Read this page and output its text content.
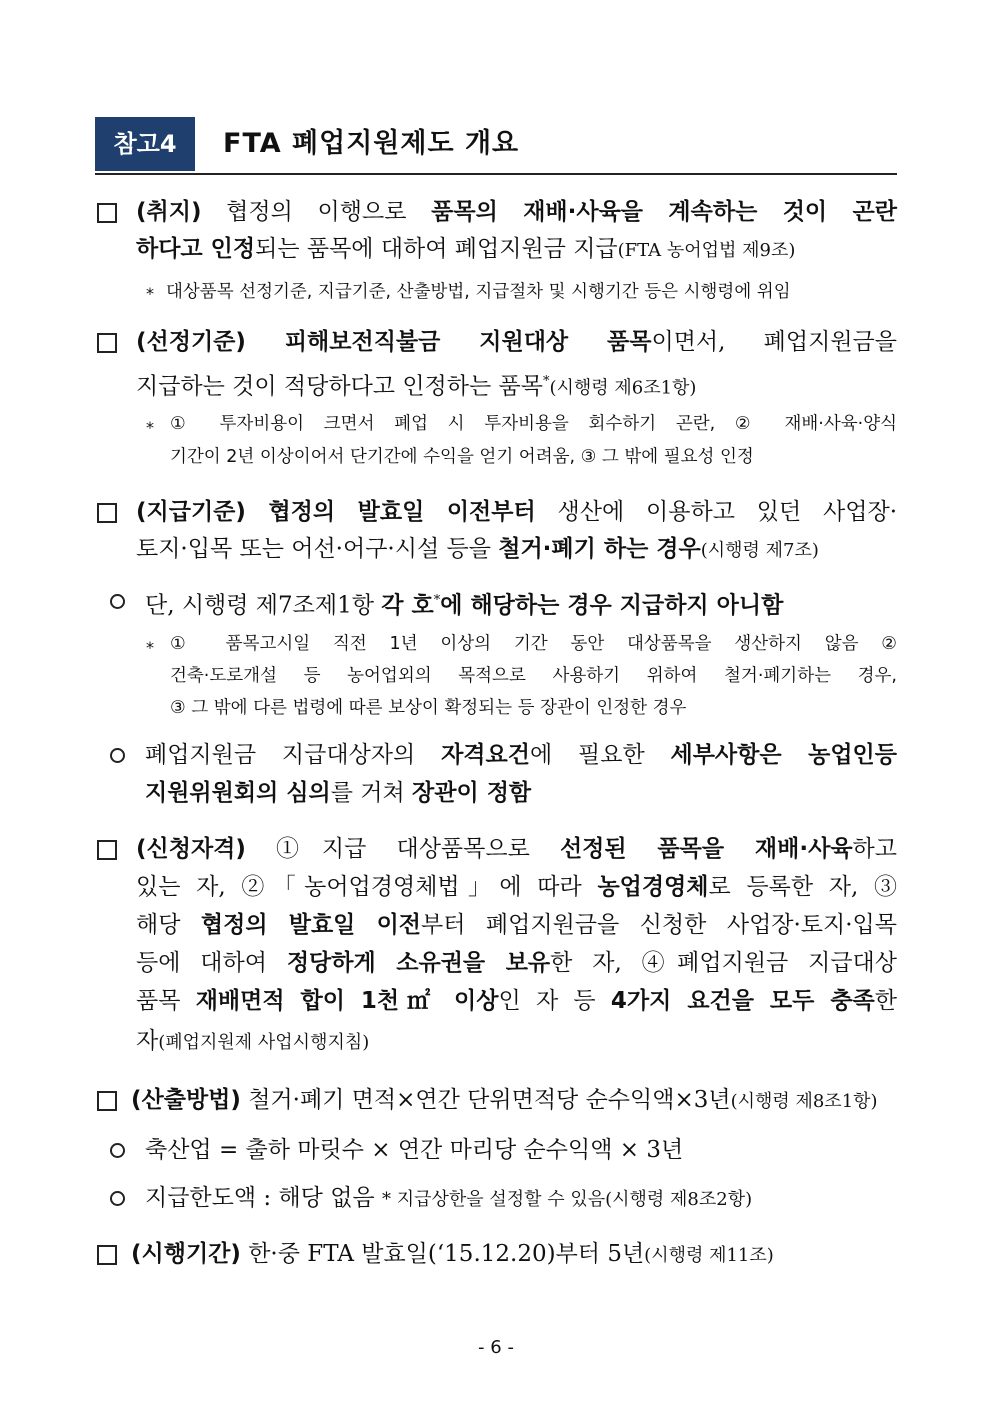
참고4	FTA 폐업지원제도 개요
(취지) 협정의 이행으로 품목의 재배·사육을 계속하는 것이 곤란
하다고 인정되는 품목에 대하여 폐업지원금 지급(FTA 농어업법 제9조)
* 대상품목 선정기준, 지급기준, 산출방법, 지급절차 및 시행기간 등은 시행령에 위임
(선정기준) 피해보전직불금 지원대상 품목이면서, 폐업지원금을
지급하는 것이 적당하다고 인정하는 품목*(시행령 제6조1항)
* ① 투자비용이 크면서 폐업 시 투자비용을 회수하기 곤란, ② 재배·사육·양식
기간이 2년 이상이어서 단기간에 수익을 얻기 어려움, ③ 그 밖에 필요성 인정
(지급기준) 협정의 발효일 이전부터 생산에 이용하고 있던 사업장·
토지·입목 또는 어선·어구·시설 등을 철거·폐기 하는 경우(시행령 제7조)
단, 시행령 제7조제1항 각 호*에 해당하는 경우 지급하지 아니함
* ① 품목고시일 직전 1년 이상의 기간 동안 대상품목을 생산하지 않음 ②
건축·도로개설 등 농어업외의 목적으로 사용하기 위하여 철거·폐기하는 경우,
③ 그 밖에 다른 법령에 따른 보상이 확정되는 등 장관이 인정한 경우
폐업지원금 지급대상자의 자격요건에 필요한 세부사항은 농업인등
지원위원회의 심의를 거쳐 장관이 정함
(신청자격) ①지급 대상품목으로 선정된 품목을 재배·사육하고
있는 자, ②「농어업경영체법」에 따라 농업경영체로 등록한 자, ③
해당 협정의 발효일 이전부터 폐업지원금을 신청한 사업장·토지·입목
등에 대하여 정당하게 소유권을 보유한 자, ④폐업지원금 지급대상
품목 재배면적 합이 1천㎡ 이상인 자 등 4가지 요건을 모두 충족한
자(폐업지원제 사업시행지침)
(산출방법) 철거·폐기 면적×연간 단위면적당 순수익액×3년(시행령 제8조1항)
축산업 = 출하 마릿수 × 연간 마리당 순수익액 × 3년
지급한도액 : 해당 없음 * 지급상한을 설정할 수 있음(시행령 제8조2항)
(시행기간) 한·중 FTA 발효일(‘15.12.20)부터 5년(시행령 제11조)
- 6 -
